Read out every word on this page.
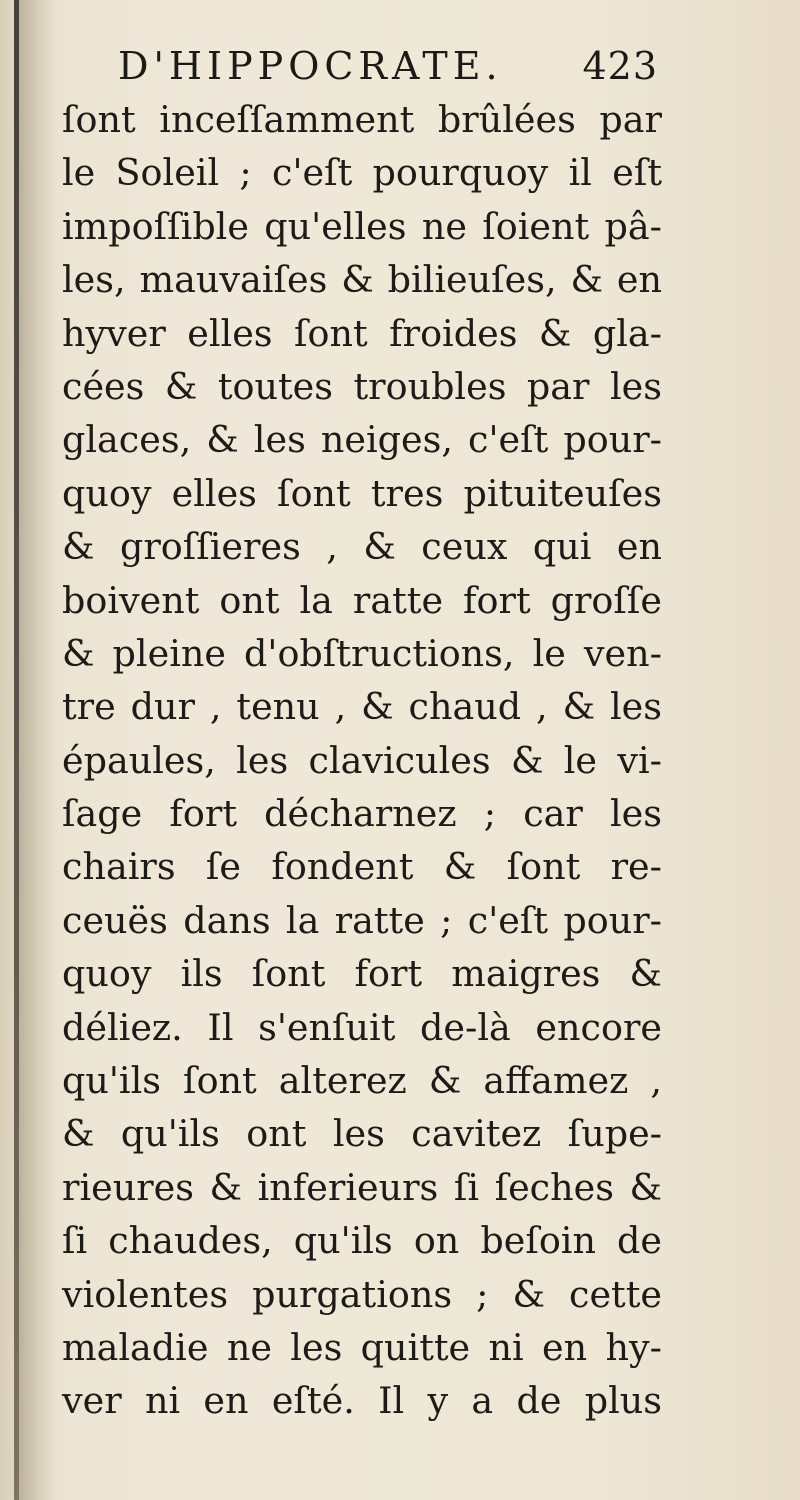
D'HIPPOCRATE. 423
ſont inceſſamment brûlées par
le Soleil ; c'eſt pourquoy il eſt
impoſſible qu'elles ne ſoient pâ-
les, mauvaiſes & bilieuſes, & en
hyver elles ſont froides & gla-
cées & toutes troubles par les
glaces, & les neiges, c'eſt pour-
quoy elles ſont tres pituiteuſes
& groſſieres , & ceux qui en
boivent ont la ratte fort groſſe
& pleine d'obſtructions, le ven-
tre dur , tenu , & chaud , & les
épaules, les clavicules & le vi-
ſage fort décharnez ; car les
chairs ſe fondent & ſont re-
ceuës dans la ratte ; c'eſt pour-
quoy ils ſont fort maigres &
déliez. Il s'enſuit de-là encore
qu'ils ſont alterez & affamez ,
& qu'ils ont les cavitez ſupe-
rieures & inferieurs ſi ſeches &
ſi chaudes, qu'ils on beſoin de
violentes purgations ; & cette
maladie ne les quitte ni en hy-
ver ni en eſté. Il y a de plus
